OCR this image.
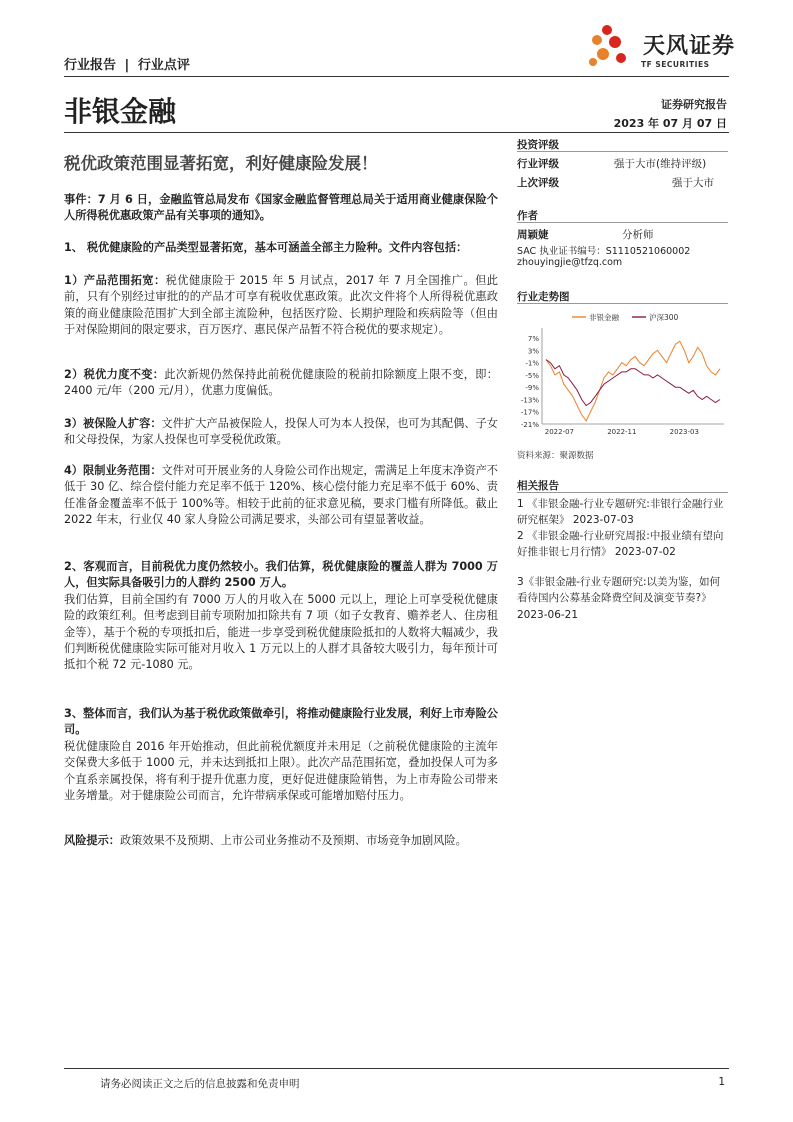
行业报告 | 行业点评
天风证券
TF SECURITIES
非银金融	证券研究报告
2023 年 07 月 07 日
税优政策范围显著拓宽，利好健康险发展！
事件：7 月 6 日，金融监管总局发布《国家金融监督管理总局关于适用商业健康保险个人所得税优惠政策产品有关事项的通知》。
1、 税优健康险的产品类型显著拓宽，基本可涵盖全部主力险种。文件内容包括：
1）产品范围拓宽：税优健康险于 2015 年 5 月试点，2017 年 7 月全国推广。但此前，只有个别经过审批的的产品才可享有税收优惠政策。此次文件将个人所得税优惠政策的商业健康险范围扩大到全部主流险种，包括医疗险、长期护理险和疾病险等（但由于对保险期间的限定要求，百万医疗、惠民保产品暂不符合税优的要求规定）。
2）税优力度不变：此次新规仍然保持此前税优健康险的税前扣除额度上限不变，即：2400 元/年（200 元/月），优惠力度偏低。
3）被保险人扩容：文件扩大产品被保险人，投保人可为本人投保，也可为其配偶、子女和父母投保，为家人投保也可享受税优政策。
4）限制业务范围：文件对可开展业务的人身险公司作出规定，需满足上年度末净资产不低于 30 亿、综合偿付能力充足率不低于 120%、核心偿付能力充足率不低于 60%、责任准备金覆盖率不低于 100%等。相较于此前的征求意见稿，要求门槛有所降低。截止 2022 年末，行业仅 40 家人身险公司满足要求，头部公司有望显著收益。
2、客观而言，目前税优力度仍然较小。我们估算，税优健康险的覆盖人群为 7000 万人，但实际具备吸引力的人群约 2500 万人。
我们估算，目前全国约有 7000 万人的月收入在 5000 元以上，理论上可享受税优健康险的政策红利。但考虑到目前专项附加扣除共有 7 项（如子女教育、赡养老人、住房租金等），基于个税的专项抵扣后，能进一步享受到税优健康险抵扣的人数将大幅减少，我们判断税优健康险实际可能对月收入 1 万元以上的人群才具备较大吸引力，每年预计可抵扣个税 72 元-1080 元。
3、整体而言，我们认为基于税优政策做牵引，将推动健康险行业发展，利好上市寿险公司。
税优健康险自 2016 年开始推动，但此前税优额度并未用足（之前税优健康险的主流年交保费大多低于 1000 元，并未达到抵扣上限）。此次产品范围拓宽，叠加投保人可为多个直系亲属投保，将有利于提升优惠力度，更好促进健康险销售，为上市寿险公司带来业务增量。对于健康险公司而言，允许带病承保或可能增加赔付压力。
风险提示：政策效果不及预期、上市公司业务推动不及预期、市场竞争加剧风险。
投资评级
行业评级	强于大市(维持评级)
上次评级	强于大市
作者
周颖婕	分析师
SAC 执业证书编号：S1110521060002
zhouyingjie@tfzq.com
行业走势图
7%
3%
-1%
-5%
-9%
-13%
-17%
-21%
2022-07	2022-11	2023-03
非银金融	沪深300
资料来源：聚源数据
相关报告
1 《非银金融-行业专题研究:非银行金融行业研究框架》 2023-07-03
2 《非银金融-行业研究周报:中报业绩有望向好推非银七月行情》 2023-07-02
3《非银金融-行业专题研究:以美为鉴，如何看待国内公募基金降费空间及演变节奏?》 2023-06-21
请务必阅读正文之后的信息披露和免责申明	1
